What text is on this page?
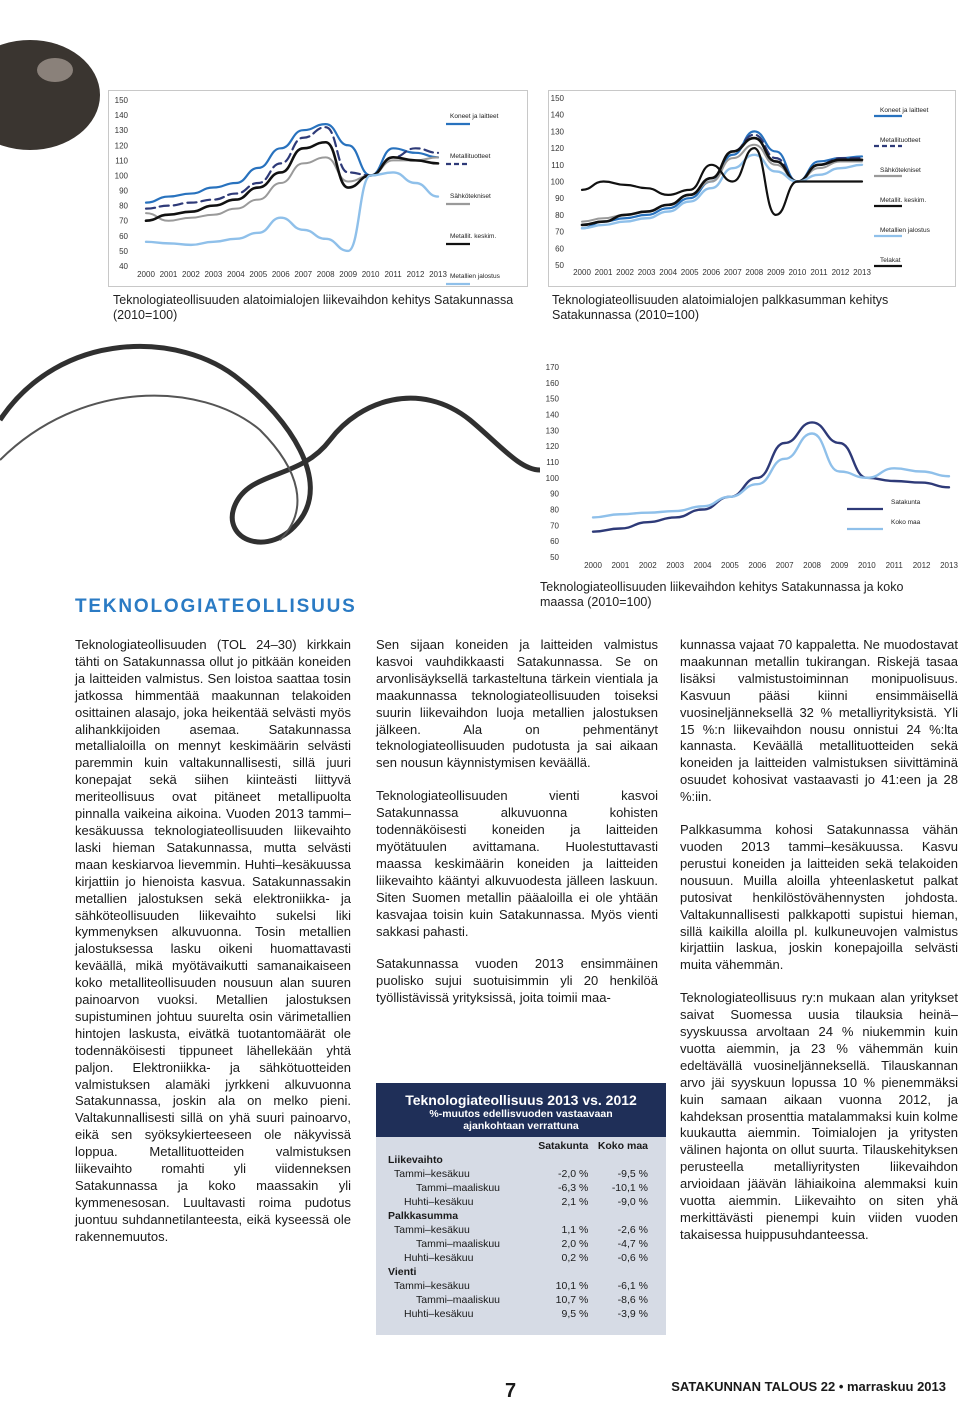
150
140
130
120
110
100
90
80
70
60
50
40
2000 2001 2002 2003 2004 2005 2006 2007 2008 2009 2010 2011 2012 2013
Koneet ja laitteet
Metallituotteet
Sähkötekniset
Metallit. keskim.
Metallien jalostus
Teknologiateollisuuden alatoimialojen liikevaihdon kehitys Satakunnassa (2010=100)
150
140
130
120
110
100
90
80
70
60
50
2000 2001 2002 2003 2004 2005 2006 2007 2008 2009 2010 2011 2012 2013
Koneet ja laitteet
Metallituotteet
Sähkötekniset
Metallit. keskim.
Metallien jalostus
Telakat
Teknologiateollisuuden alatoimialojen palkkasumman kehitys Satakunnassa (2010=100)
170
160
150
140
130
120
110
100
90
80
70
60
50
2000 2001 2002 2003 2004 2005 2006 2007 2008 2009 2010 2011 2012 2013
Satakunta
Koko maa
Teknologiateollisuuden liikevaihdon kehitys Satakunnassa ja koko maassa (2010=100)
TEKNOLOGIATEOLLISUUS

Teknologiateollisuuden (TOL 24–30) kirkkain tähti on Satakunnassa ollut jo pitkään koneiden ja laitteiden valmistus. Sen loistoa saattaa tosin jatkossa himmentää maakunnan telakoiden osittainen alasajo, joka heikentää selvästi myös alihankkijoiden asemaa. Satakunnassa metallialoilla on mennyt keskimäärin selvästi paremmin kuin valtakunnallisesti, sillä juuri konepajat sekä siihen kiinteästi liittyvä meriteollisuus ovat pitäneet metallipuolta pinnalla vaikeina aikoina. Vuoden 2013 tammi–kesäkuussa teknologiateollisuuden liikevaihto laski hieman Satakunnassa, mutta selvästi maan keskiarvoa lievemmin. Huhti–kesäkuussa kirjattiin jo hienoista kasvua. Satakunnassakin metallien jalostuksen sekä elektroniikka- ja sähköteollisuuden liikevaihto sukelsi liki kymmenyksen alkuvuonna. Tosin metallien jalostuksessa lasku oikeni huomattavasti keväällä, mikä myötävaikutti samanaikaiseen koko metalliteollisuuden nousuun alan suuren painoarvon vuoksi. Metallien jalostuksen supistuminen johtuu suurelta osin värimetallien hintojen laskusta, eivätkä tuotantomäärät ole todennäköisesti tippuneet lähellekään yhtä paljon. Elektroniikka- ja sähkötuotteiden valmistuksen alamäki jyrkkeni alkuvuonna Satakunnassa, joskin ala on melko pieni. Valtakunnallisesti sillä on yhä suuri painoarvo, eikä sen syöksykierteeseen ole näkyvissä loppua. Metallituotteiden valmistuksen liikevaihto romahti yli viidenneksen Satakunnassa ja koko maassakin yli kymmenesosan. Luultavasti roima pudotus juontuu suhdannetilanteesta, eikä kyseessä ole rakennemuutos.

Sen sijaan koneiden ja laitteiden valmistus kasvoi vauhdikkaasti Satakunnassa. Se on arvonlisäyksellä tarkasteltuna tärkein vientiala ja maakunnassa teknologiateollisuuden toiseksi suurin liikevaihdon luoja metallien jalostuksen jälkeen. Ala on pehmentänyt teknologiateollisuuden pudotusta ja sai aikaan sen nousun käynnistymisen keväällä.

Teknologiateollisuuden vienti kasvoi Satakunnassa alkuvuonna kohisten todennäköisesti koneiden ja laitteiden myötätuulen avittamana. Huolestuttavasti maassa keskimäärin koneiden ja laitteiden liikevaihto kääntyi alkuvuodesta jälleen laskuun. Siten Suomen metallin pääaloilla ei ole yhtään kasvajaa toisin kuin Satakunnassa. Myös vienti sakkasi pahasti.

Satakunnassa vuoden 2013 ensimmäinen puolisko sujui suotuisimmin yli 20 henkilöä työllistävissä yrityksissä, joita toimii maa-

kunnassa vajaat 70 kappaletta. Ne muodostavat maakunnan metallin tukirangan. Riskejä tasaa lisäksi valmistustoiminnan monipuolisuus. Kasvuun pääsi kiinni ensimmäisellä vuosineljänneksellä 32 % metalliyrityksistä. Yli 15 %:n liikevaihdon nousu onnistui 24 %:lta kannasta. Keväällä metallituotteiden sekä koneiden ja laitteiden valmistuksen siivittäminä osuudet kohosivat vastaavasti jo 41:een ja 28 %:iin.

Palkkasumma kohosi Satakunnassa vähän vuoden 2013 tammi–kesäkuussa. Kasvu perustui koneiden ja laitteiden sekä telakoiden nousuun. Muilla aloilla yhteenlasketut palkat putosivat henkilöstövähennysten johdosta. Valtakunnallisesti palkkapotti supistui hieman, sillä kaikilla aloilla pl. kulkuneuvojen valmistus kirjattiin laskua, joskin konepajoilla selvästi muita vähemmän.

Teknologiateollisuus ry:n mukaan alan yritykset saivat Suomessa uusia tilauksia heinä–syyskuussa arvoltaan 24 % niukemmin kuin vuotta aiemmin, ja 23 % vähemmän kuin edeltävällä vuosineljänneksellä. Tilauskannan arvo jäi syyskuun lopussa 10 % pienemmäksi kuin samaan aikaan vuonna 2012, ja kahdeksan prosenttia matalammaksi kuin kolme kuukautta aiemmin. Toimialojen ja yritysten välinen hajonta on ollut suurta. Tilauskehityksen perusteella metalliyritysten liikevaihdon arvioidaan jäävän lähiaikoina alemmaksi kuin vuotta aiemmin. Liikevaihto on siten yhä merkittävästi pienempi kuin viiden vuoden takaisessa huippusuhdanteessa.

Teknologiateollisuus 2013 vs. 2012
%-muutos edellisvuoden vastaavaan
ajankohtaan verrattuna
	Satakunta	Koko maa
Liikevaihto		
Tammi–kesäkuu	-2,0 %	-9,5 %
Tammi–maaliskuu	-6,3 %	-10,1 %
Huhti–kesäkuu	2,1 %	-9,0 %
Palkkasumma		
Tammi–kesäkuu	1,1 %	-2,6 %
Tammi–maaliskuu	2,0 %	-4,7 %
Huhti–kesäkuu	0,2 %	-0,6 %
Vienti		
Tammi–kesäkuu	10,1 %	-6,1 %
Tammi–maaliskuu	10,7 %	-8,6 %
Huhti–kesäkuu	9,5 %	-3,9 %
7	SATAKUNNAN TALOUS 22 • marraskuu 2013
